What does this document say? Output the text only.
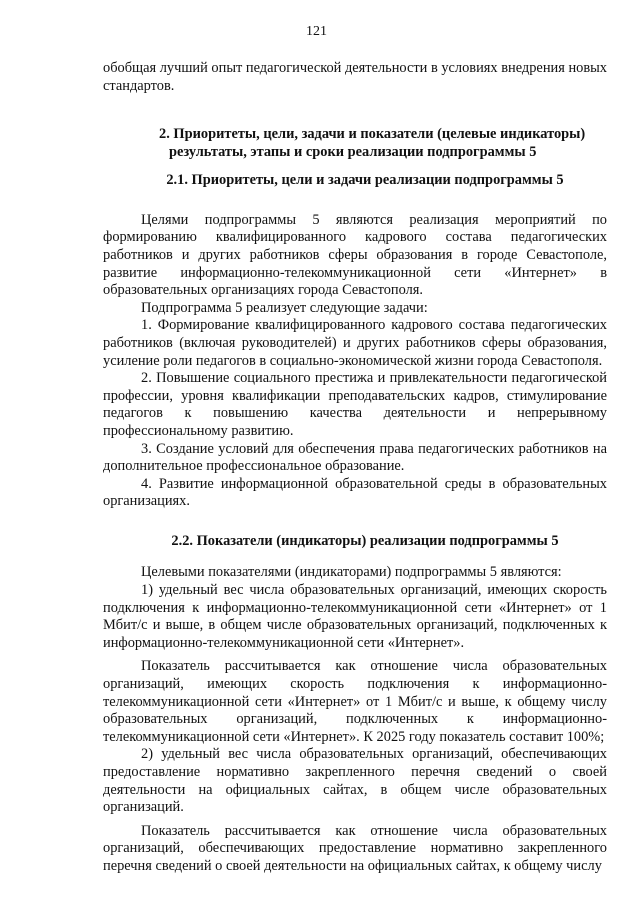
121

обобщая лучший опыт педагогической деятельности в условиях внедрения новых стандартов.

2. Приоритеты, цели, задачи и показатели (целевые индикаторы)
результаты, этапы и сроки реализации подпрограммы 5

2.1. Приоритеты, цели и задачи реализации подпрограммы 5

Целями подпрограммы 5 являются реализация мероприятий по формированию квалифицированного кадрового состава педагогических работников и других работников сферы образования в городе Севастополе, развитие информационно-телекоммуникационной сети «Интернет» в образовательных организациях города Севастополя.

Подпрограмма 5 реализует следующие задачи:

1. Формирование квалифицированного кадрового состава педагогических работников (включая руководителей) и других работников сферы образования, усиление роли педагогов в социально-экономической жизни города Севастополя.

2. Повышение социального престижа и привлекательности педагогической профессии, уровня квалификации преподавательских кадров, стимулирование педагогов к повышению качества деятельности и непрерывному профессиональному развитию.

3. Создание условий для обеспечения права педагогических работников на дополнительное профессиональное образование.

4. Развитие информационной образовательной среды в образовательных организациях.

2.2. Показатели (индикаторы) реализации подпрограммы 5

Целевыми показателями (индикаторами) подпрограммы 5 являются:

1) удельный вес числа образовательных организаций, имеющих скорость подключения к информационно-телекоммуникационной сети «Интернет» от 1 Мбит/с и выше, в общем числе образовательных организаций, подключенных к информационно-телекоммуникационной сети «Интернет».

Показатель рассчитывается как отношение числа образовательных организаций, имеющих скорость подключения к информационно-телекоммуникационной сети «Интернет» от 1 Мбит/с и выше, к общему числу образовательных организаций, подключенных к информационно-телекоммуникационной сети «Интернет». К 2025 году показатель составит 100%;

2) удельный вес числа образовательных организаций, обеспечивающих предоставление нормативно закрепленного перечня сведений о своей деятельности на официальных сайтах, в общем числе образовательных организаций.

Показатель рассчитывается как отношение числа образовательных организаций, обеспечивающих предоставление нормативно закрепленного перечня сведений о своей деятельности на официальных сайтах, к общему числу
